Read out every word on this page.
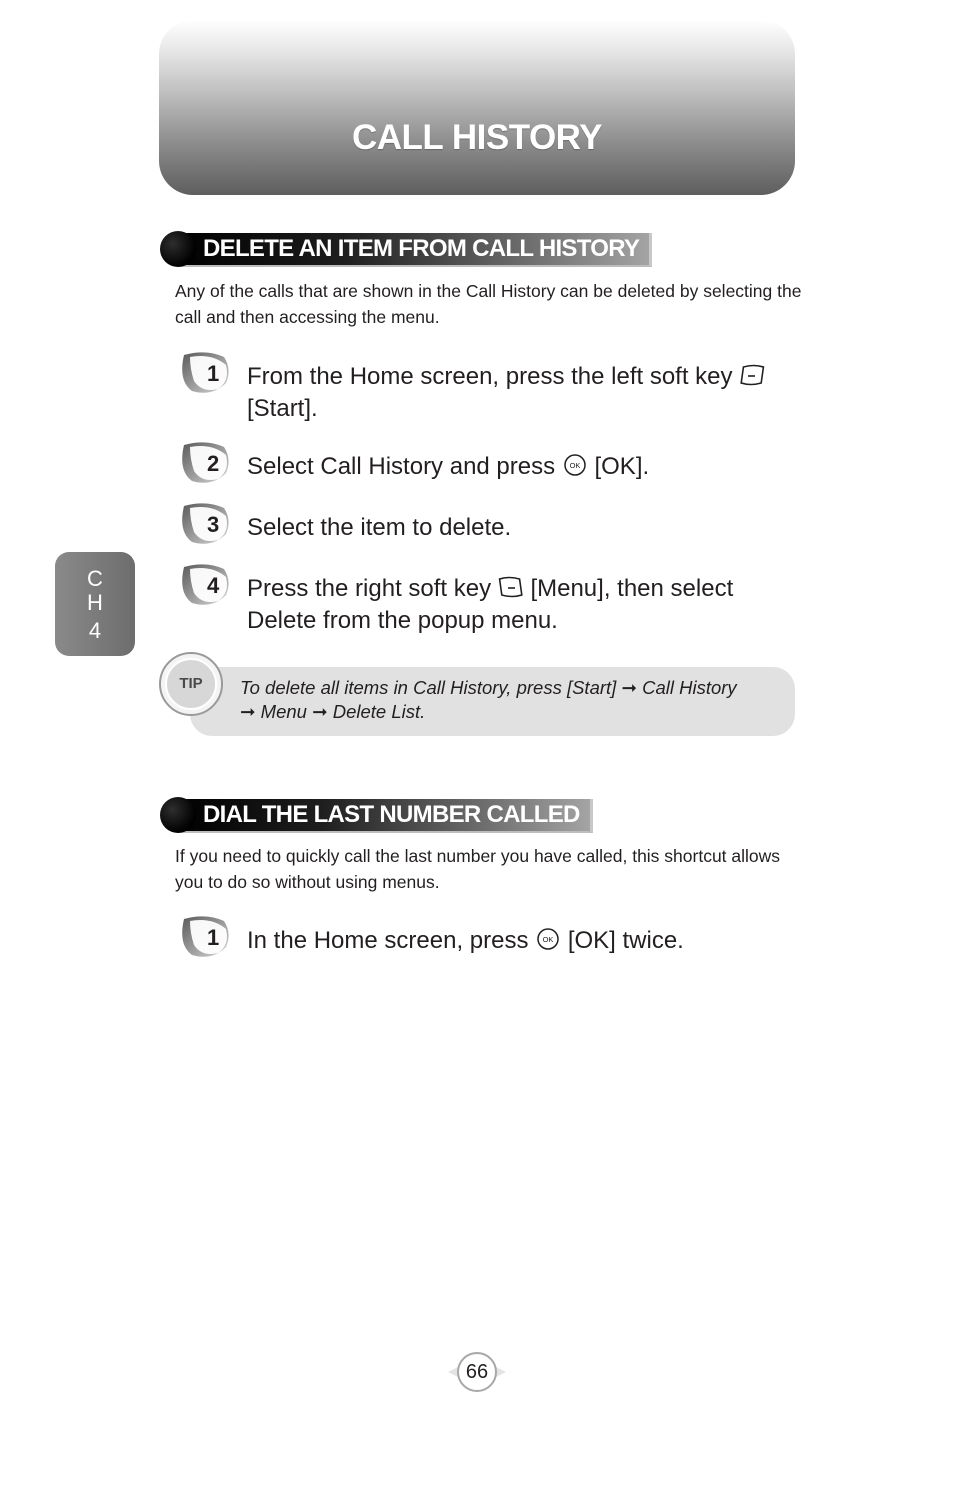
CALL HISTORY
C
H
4
DELETE AN ITEM FROM CALL HISTORY

Any of the calls that are shown in the Call History can be deleted by selecting the call and then accessing the menu.

1 From the Home screen, press the left soft key  [Start].
2 Select Call History and press OK [OK].
3 Select the item to delete.
4 Press the right soft key [Menu], then select Delete from the popup menu.
TIP	To delete all items in Call History, press [Start] ➞ Call History
➞ Menu ➞ Delete List.

DIAL THE LAST NUMBER CALLED

If you need to quickly call the last number you have called, this shortcut allows you to do so without using menus.

1 In the Home screen, press OK [OK] twice.
66
